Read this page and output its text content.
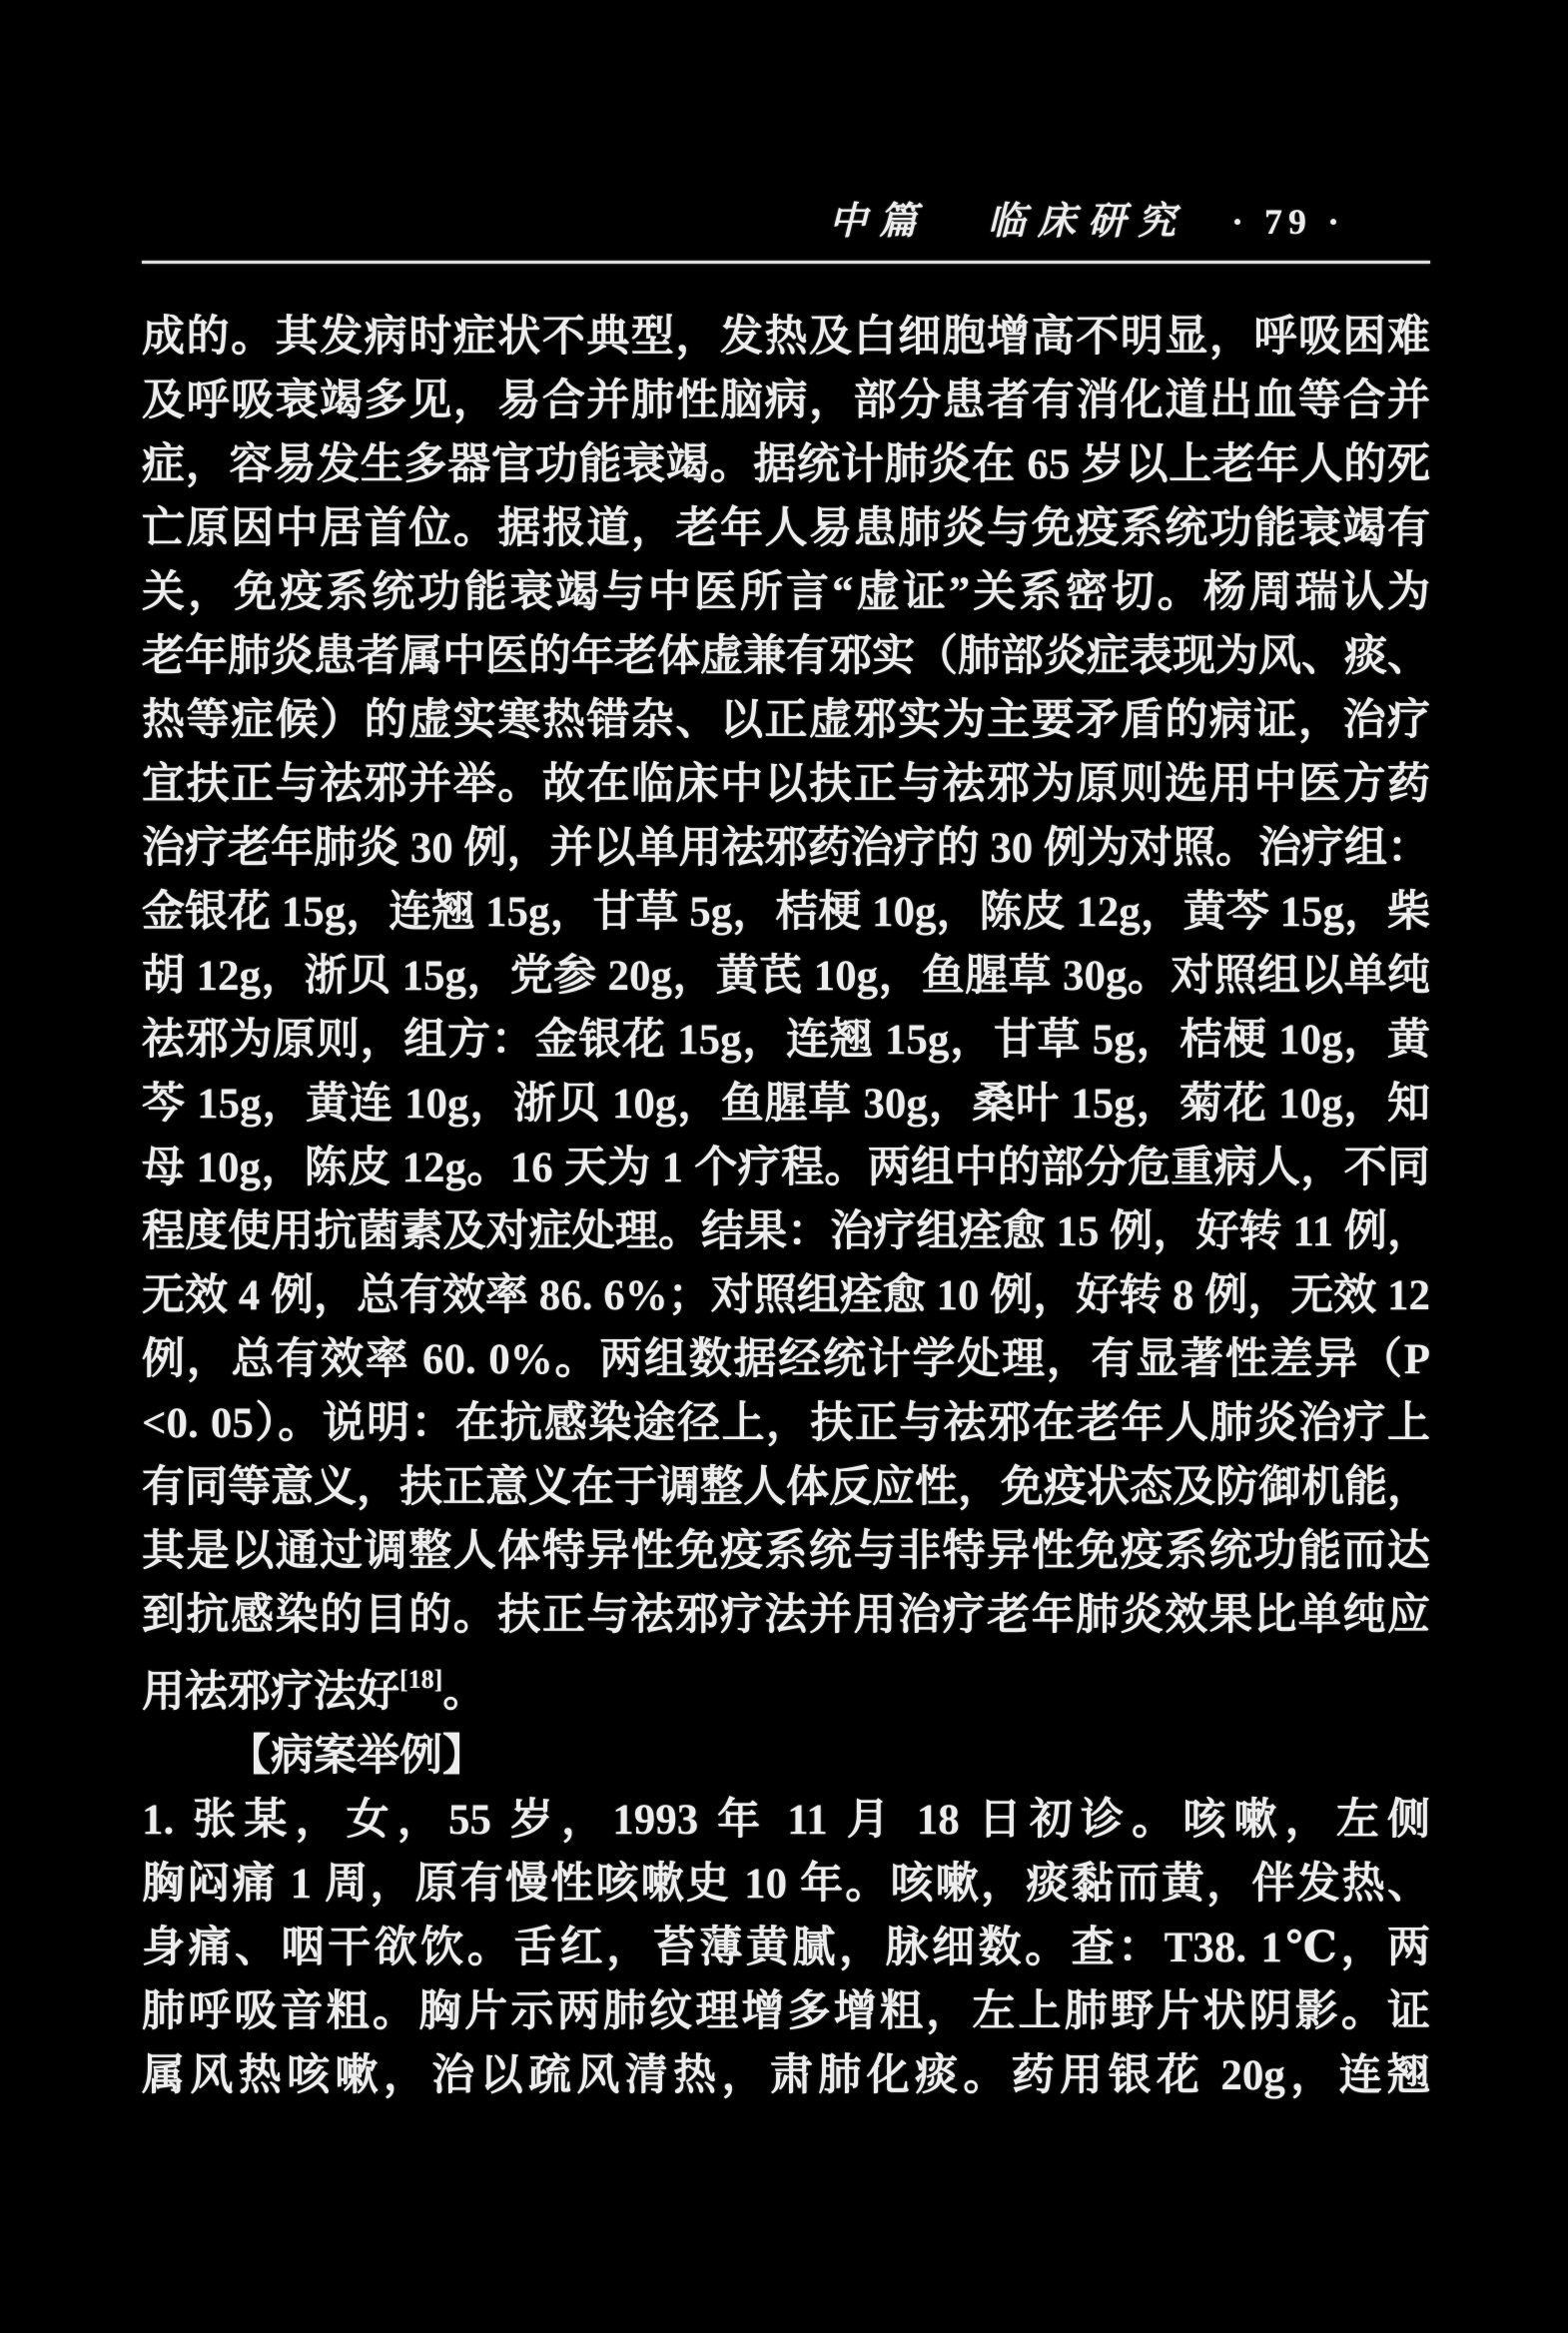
中篇 临床研究 · 79 ·
成的。其发病时症状不典型，发热及白细胞增高不明显，呼吸困难
及呼吸衰竭多见，易合并肺性脑病，部分患者有消化道出血等合并
症，容易发生多器官功能衰竭。据统计肺炎在 65 岁以上老年人的死
亡原因中居首位。据报道，老年人易患肺炎与免疫系统功能衰竭有
关，免疫系统功能衰竭与中医所言“虚证”关系密切。杨周瑞认为
老年肺炎患者属中医的年老体虚兼有邪实（肺部炎症表现为风、痰、
热等症候）的虚实寒热错杂、以正虚邪实为主要矛盾的病证，治疗
宜扶正与祛邪并举。故在临床中以扶正与祛邪为原则选用中医方药
治疗老年肺炎 30 例，并以单用祛邪药治疗的 30 例为对照。治疗组：
金银花 15g，连翘 15g，甘草 5g，桔梗 10g，陈皮 12g，黄芩 15g，柴
胡 12g，浙贝 15g，党参 20g，黄芪 10g，鱼腥草 30g。对照组以单纯
祛邪为原则，组方：金银花 15g，连翘 15g，甘草 5g，桔梗 10g，黄
芩 15g，黄连 10g，浙贝 10g，鱼腥草 30g，桑叶 15g，菊花 10g，知
母 10g，陈皮 12g。16 天为 1 个疗程。两组中的部分危重病人，不同
程度使用抗菌素及对症处理。结果：治疗组痊愈 15 例，好转 11 例，
无效 4 例，总有效率 86. 6%；对照组痊愈 10 例，好转 8 例，无效 12
例，总有效率 60. 0%。两组数据经统计学处理，有显著性差异（P
<0. 05）。说明：在抗感染途径上，扶正与祛邪在老年人肺炎治疗上
有同等意义，扶正意义在于调整人体反应性，免疫状态及防御机能，
其是以通过调整人体特异性免疫系统与非特异性免疫系统功能而达
到抗感染的目的。扶正与祛邪疗法并用治疗老年肺炎效果比单纯应
用祛邪疗法好[18]。
【病案举例】
1. 张某，女，55 岁，1993 年 11 月 18 日初诊。咳嗽，左侧
胸闷痛 1 周，原有慢性咳嗽史 10 年。咳嗽，痰黏而黄，伴发热、
身痛、咽干欲饮。舌红，苔薄黄腻，脉细数。查：T38. 1℃，两
肺呼吸音粗。胸片示两肺纹理增多增粗，左上肺野片状阴影。证
属风热咳嗽，治以疏风清热，肃肺化痰。药用银花 20g，连翘
